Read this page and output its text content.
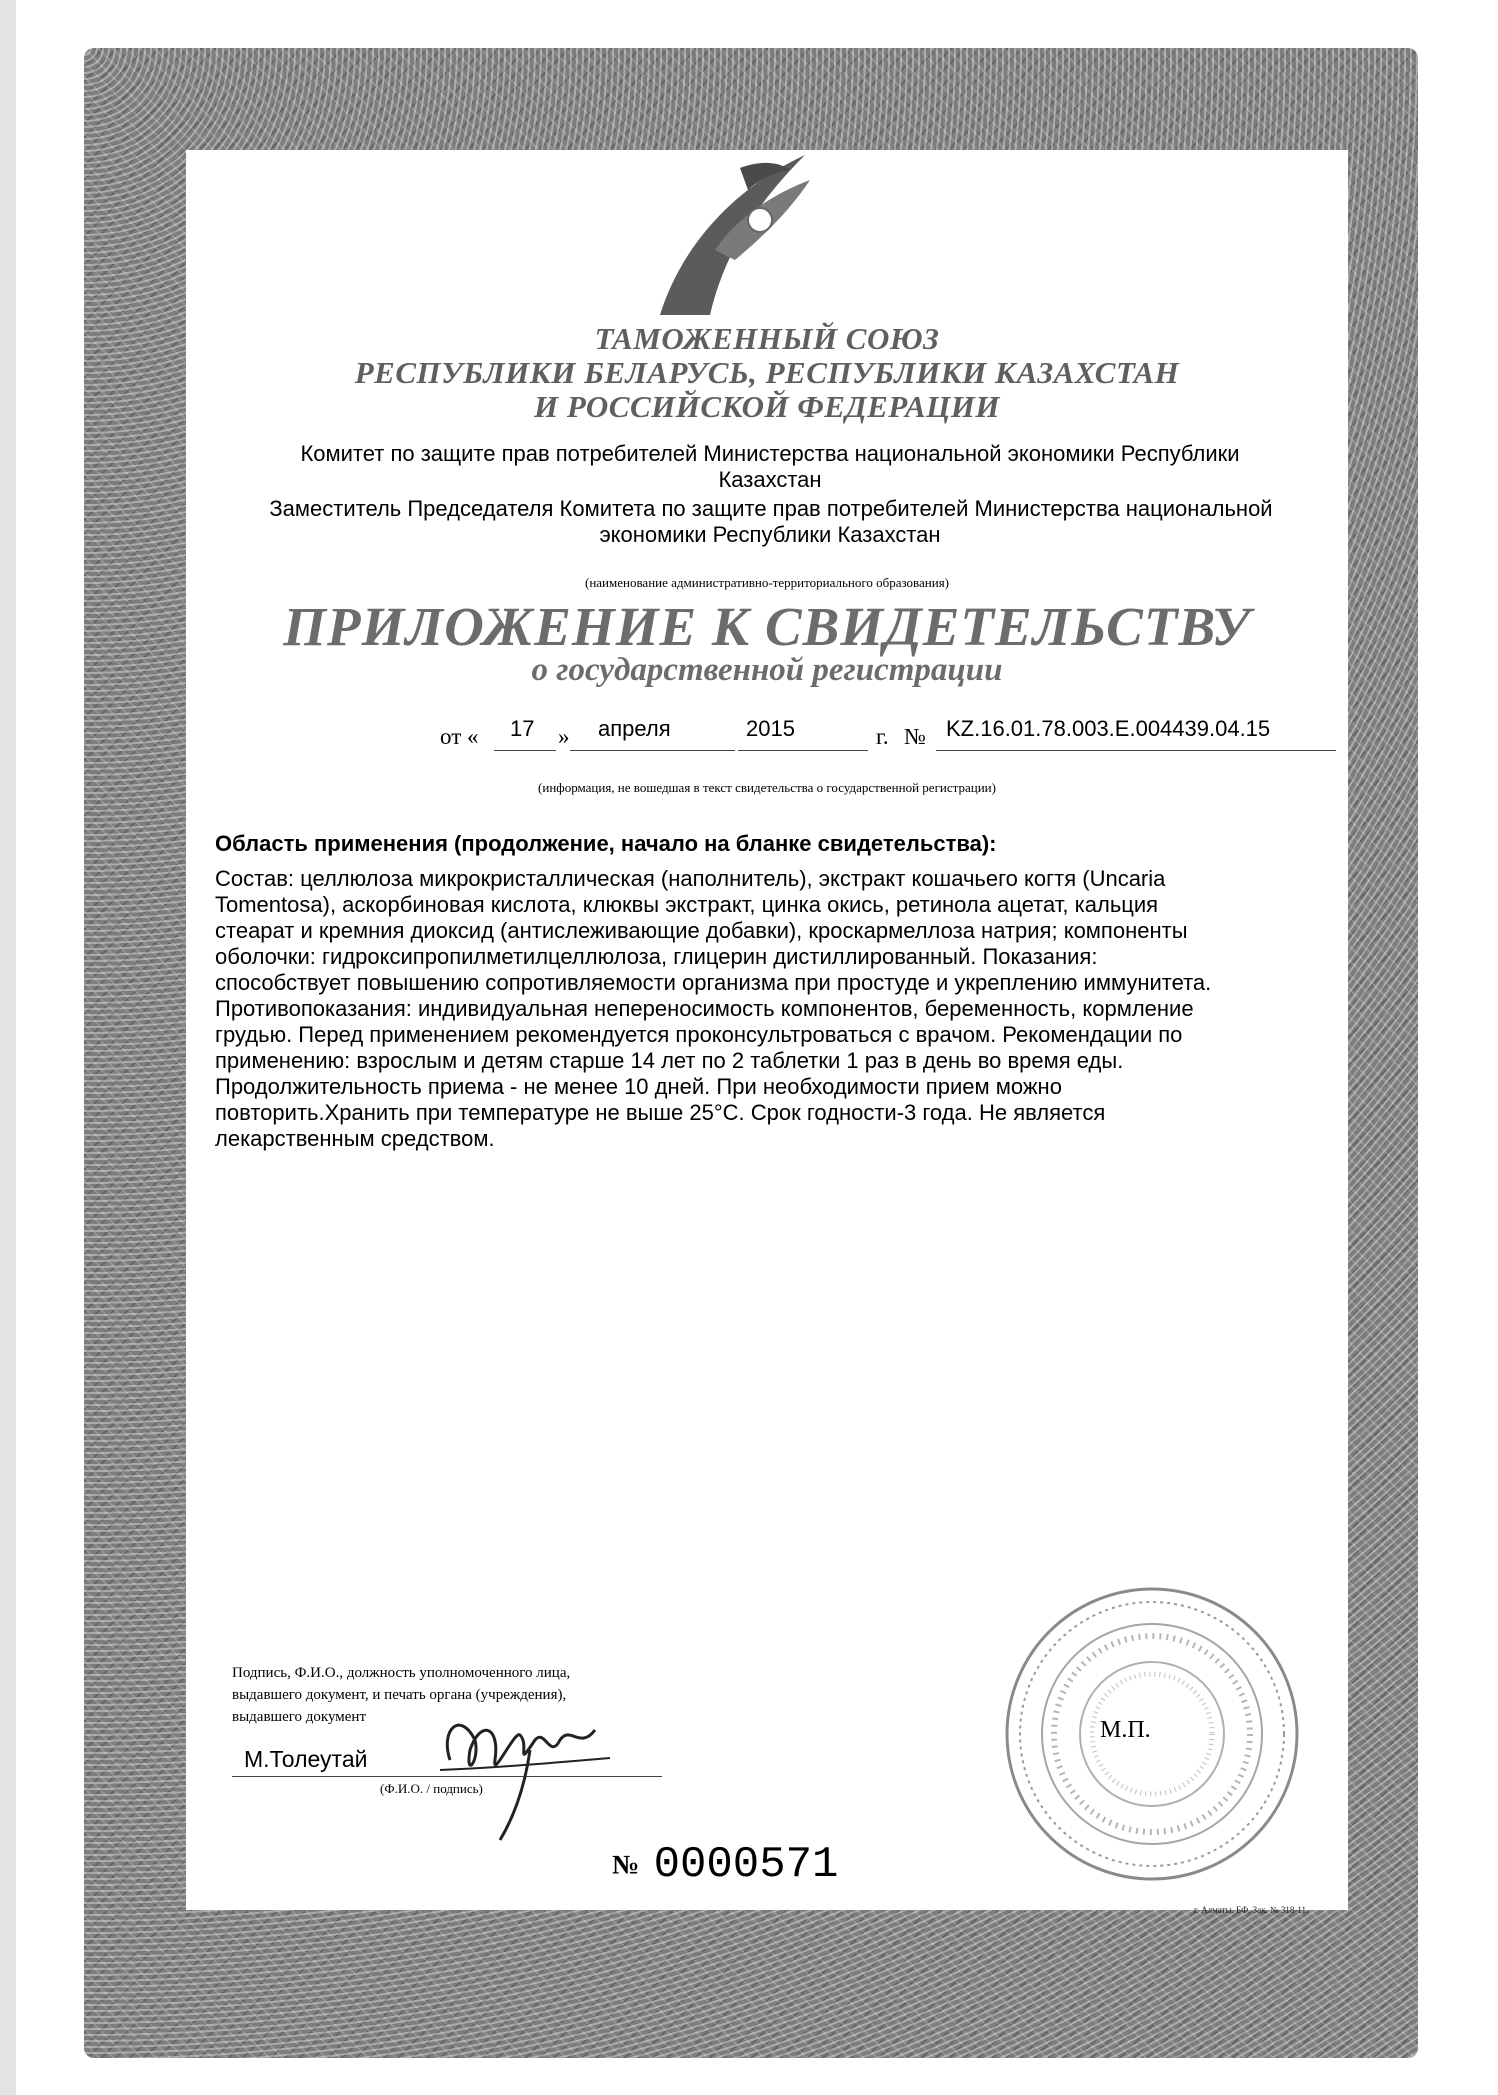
ТАМОЖЕННЫЙ СОЮЗ
РЕСПУБЛИКИ БЕЛАРУСЬ, РЕСПУБЛИКИ КАЗАХСТАН
И РОССИЙСКОЙ ФЕДЕРАЦИИ
Комитет по защите прав потребителей Министерства национальной экономики Республики
Казахстан
Заместитель Председателя Комитета по защите прав потребителей Министерства национальной
экономики Республики Казахстан
(наименование административно-территориального образования)
ПРИЛОЖЕНИЕ К СВИДЕТЕЛЬСТВУ
о государственной регистрации
от « 17 » апреля	2015	г. № KZ.16.01.78.003.E.004439.04.15
(информация, не вошедшая в текст свидетельства о государственной регистрации)

Область применения (продолжение, начало на бланке свидетельства):

Состав: целлюлоза микрокристаллическая (наполнитель), экстракт кошачьего когтя (Uncaria

Tomentosa), аскорбиновая кислота, клюквы экстракт, цинка окись, ретинола ацетат, кальция

стеарат и кремния диоксид (антислеживающие добавки), кроскармеллоза натрия; компоненты

оболочки: гидроксипропилметилцеллюлоза, глицерин дистиллированный. Показания:

способствует повышению сопротивляемости организма при простуде и укреплению иммунитета.

Противопоказания: индивидуальная непереносимость компонентов, беременность, кормление

грудью. Перед применением рекомендуется проконсультроваться с врачом. Рекомендации по

применению: взрослым и детям старше 14 лет по 2 таблетки 1 раз в день во время еды.

Продолжительность приема - не менее 10 дней. При необходимости прием можно

повторить.Хранить при температуре не выше 25°С. Срок годности-3 года. Не является

лекарственным средством.

Подпись, Ф.И.О., должность уполномоченного лица,
выдавшего документ, и печать органа (учреждения),
выдавшего документ
М.Толеутай
(Ф.И.О. / подпись)
№ 0000571
М.П.
г. Алматы. БФ. Зак. № 318-11.
